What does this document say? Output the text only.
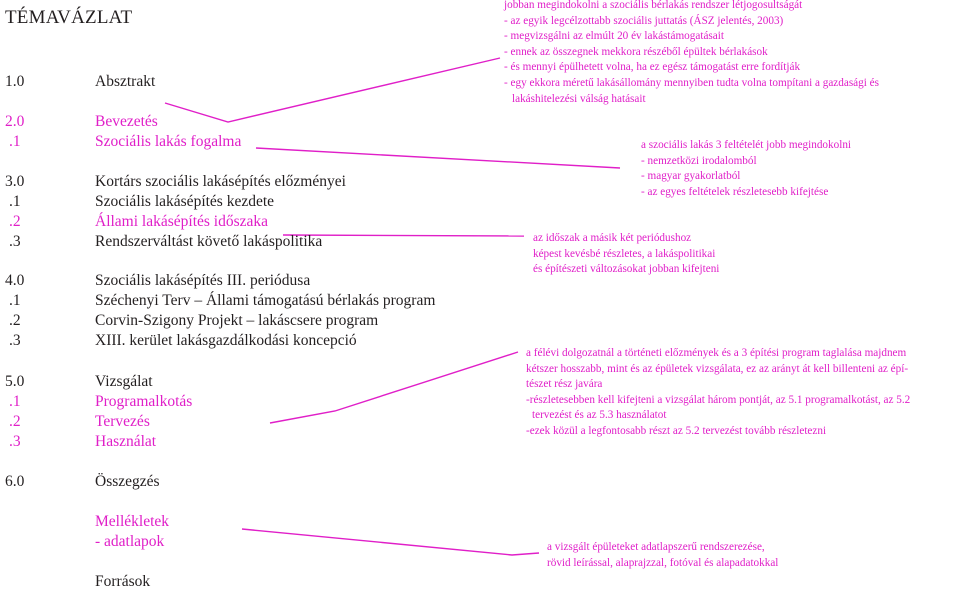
TÉMAVÁZLAT
1.0	Absztrakt
2.0	Bevezetés
.1	Szociális lakás fogalma
3.0	Kortárs szociális lakásépítés előzményei
.1	Szociális lakásépítés kezdete
.2	Állami lakásépítés időszaka
.3	Rendszerváltást követő lakáspolitika
4.0	Szociális lakásépítés III. periódusa
.1	Széchenyi Terv – Állami támogatású bérlakás program
.2	Corvin-Szigony Projekt – lakáscsere program
.3	XIII. kerület lakásgazdálkodási koncepció
5.0	Vizsgálat
.1	Programalkotás
.2	Tervezés
.3	Használat
6.0	Összegzés
Mellékletek
- adatlapok
Források
jobban megindokolni a szociális bérlakás rendszer létjogosultságát
- az egyik legcélzottabb szociális juttatás (ÁSZ jelentés, 2003)
- megvizsgálni az elmúlt 20 év lakástámogatásait
- ennek az összegnek mekkora részéből épültek bérlakások
- és mennyi épülhetett volna, ha ez egész támogatást erre fordítják
- egy ekkora méretű lakásállomány mennyiben tudta volna tompítani a gazdasági és
lakáshitelezési válság hatásait
a szociális lakás 3 feltételét jobb megindokolni
- nemzetközi irodalomból
- magyar gyakorlatból
- az egyes feltételek részletesebb kifejtése
az időszak a másik két periódushoz
képest kevésbé részletes, a lakáspolitikai
és építészeti változásokat jobban kifejteni
a félévi dolgozatnál a történeti előzmények és a 3 építési program taglalása majdnem
kétszer hosszabb, mint és az épületek vizsgálata, ez az arányt át kell billenteni az épí-
tészet rész javára
-részletesebben kell kifejteni a vizsgálat három pontját, az 5.1 programalkotást, az 5.2
tervezést és az 5.3 használatot
-ezek közül a legfontosabb részt az 5.2 tervezést tovább részletezni
a vizsgált épületeket adatlapszerű rendszerezése,
rövid leírással, alaprajzzal, fotóval és alapadatokkal
